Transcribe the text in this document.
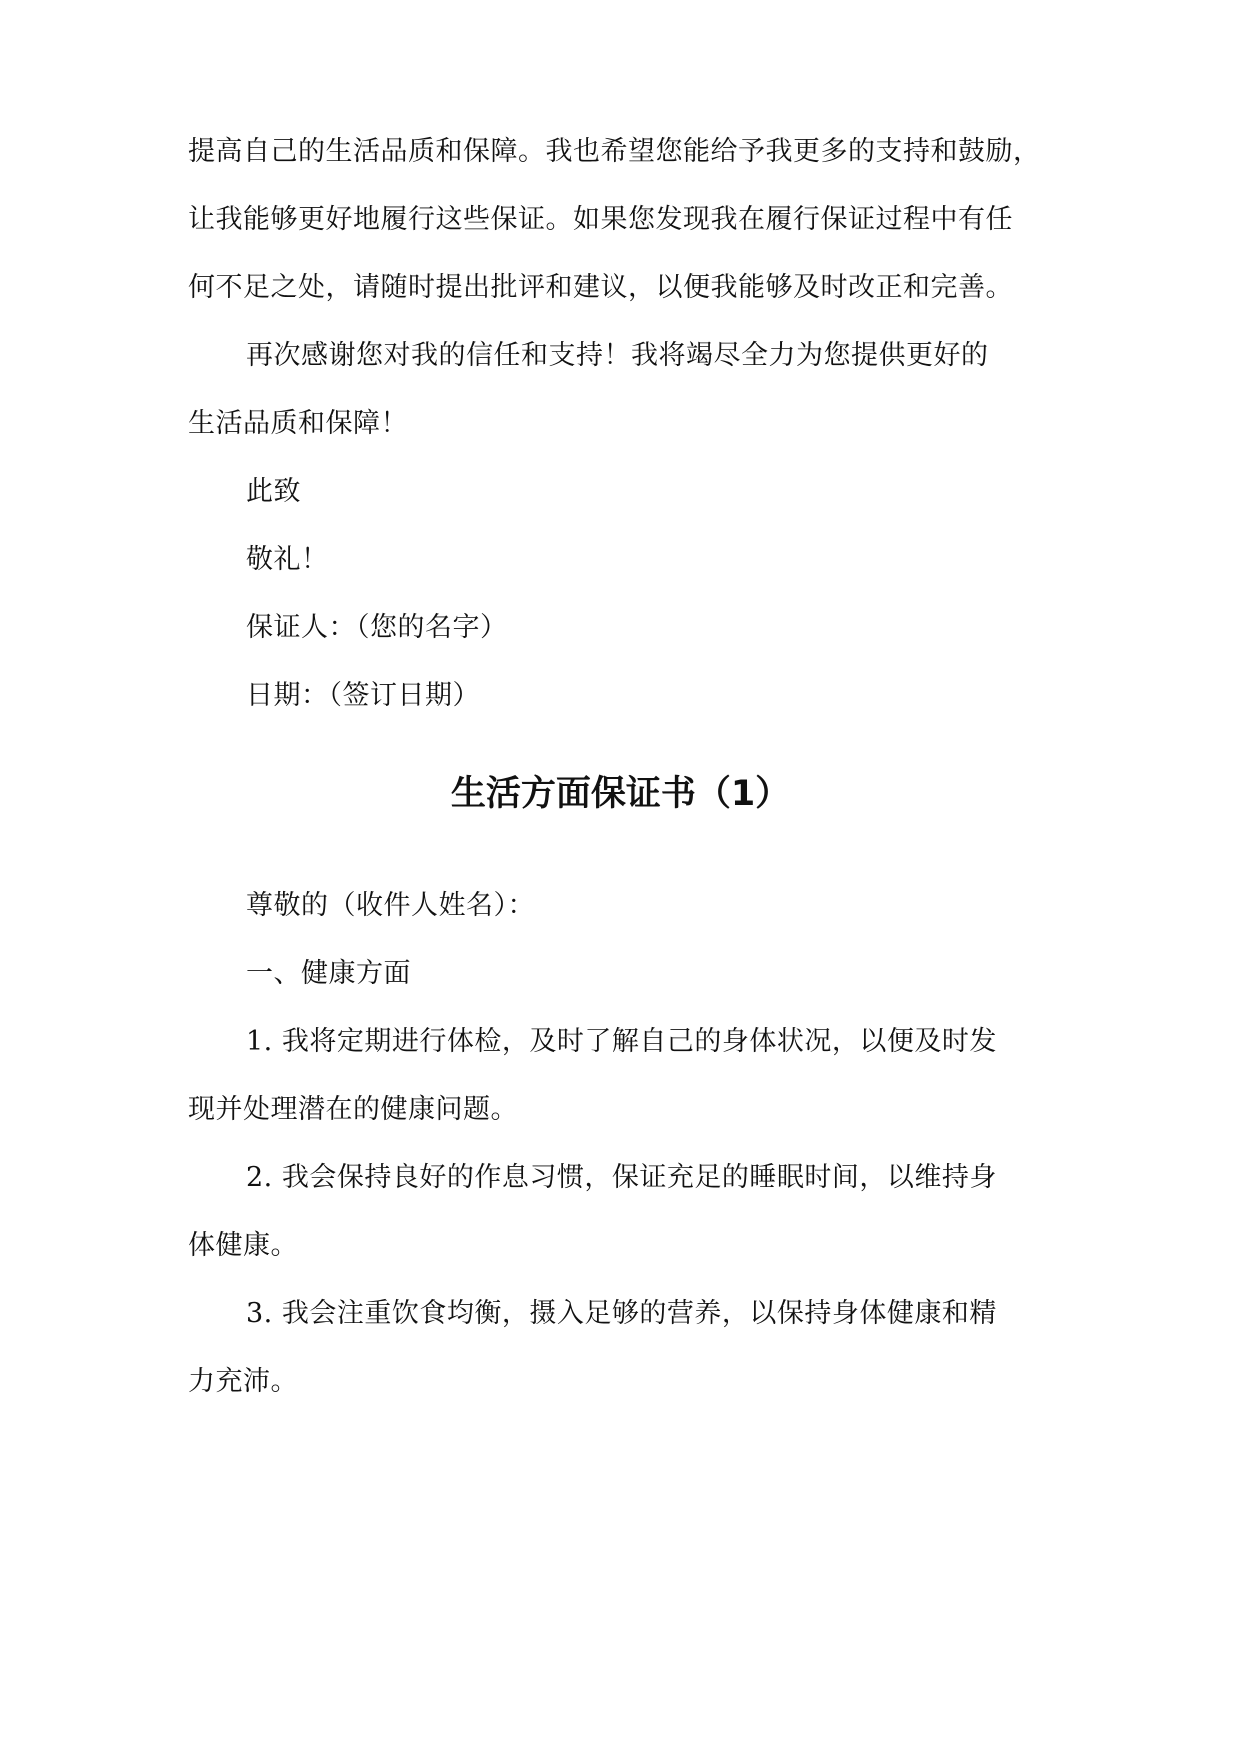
提高自己的生活品质和保障。我也希望您能给予我更多的支持和鼓励，
让我能够更好地履行这些保证。如果您发现我在履行保证过程中有任
何不足之处，请随时提出批评和建议，以便我能够及时改正和完善。
再次感谢您对我的信任和支持！我将竭尽全力为您提供更好的
生活品质和保障！
此致
敬礼！
保证人：（您的名字）
日期：（签订日期）
生活方面保证书（1）
尊敬的（收件人姓名）：
一、健康方面
1. 我将定期进行体检，及时了解自己的身体状况，以便及时发
现并处理潜在的健康问题。
2. 我会保持良好的作息习惯，保证充足的睡眠时间，以维持身
体健康。
3. 我会注重饮食均衡，摄入足够的营养，以保持身体健康和精
力充沛。
